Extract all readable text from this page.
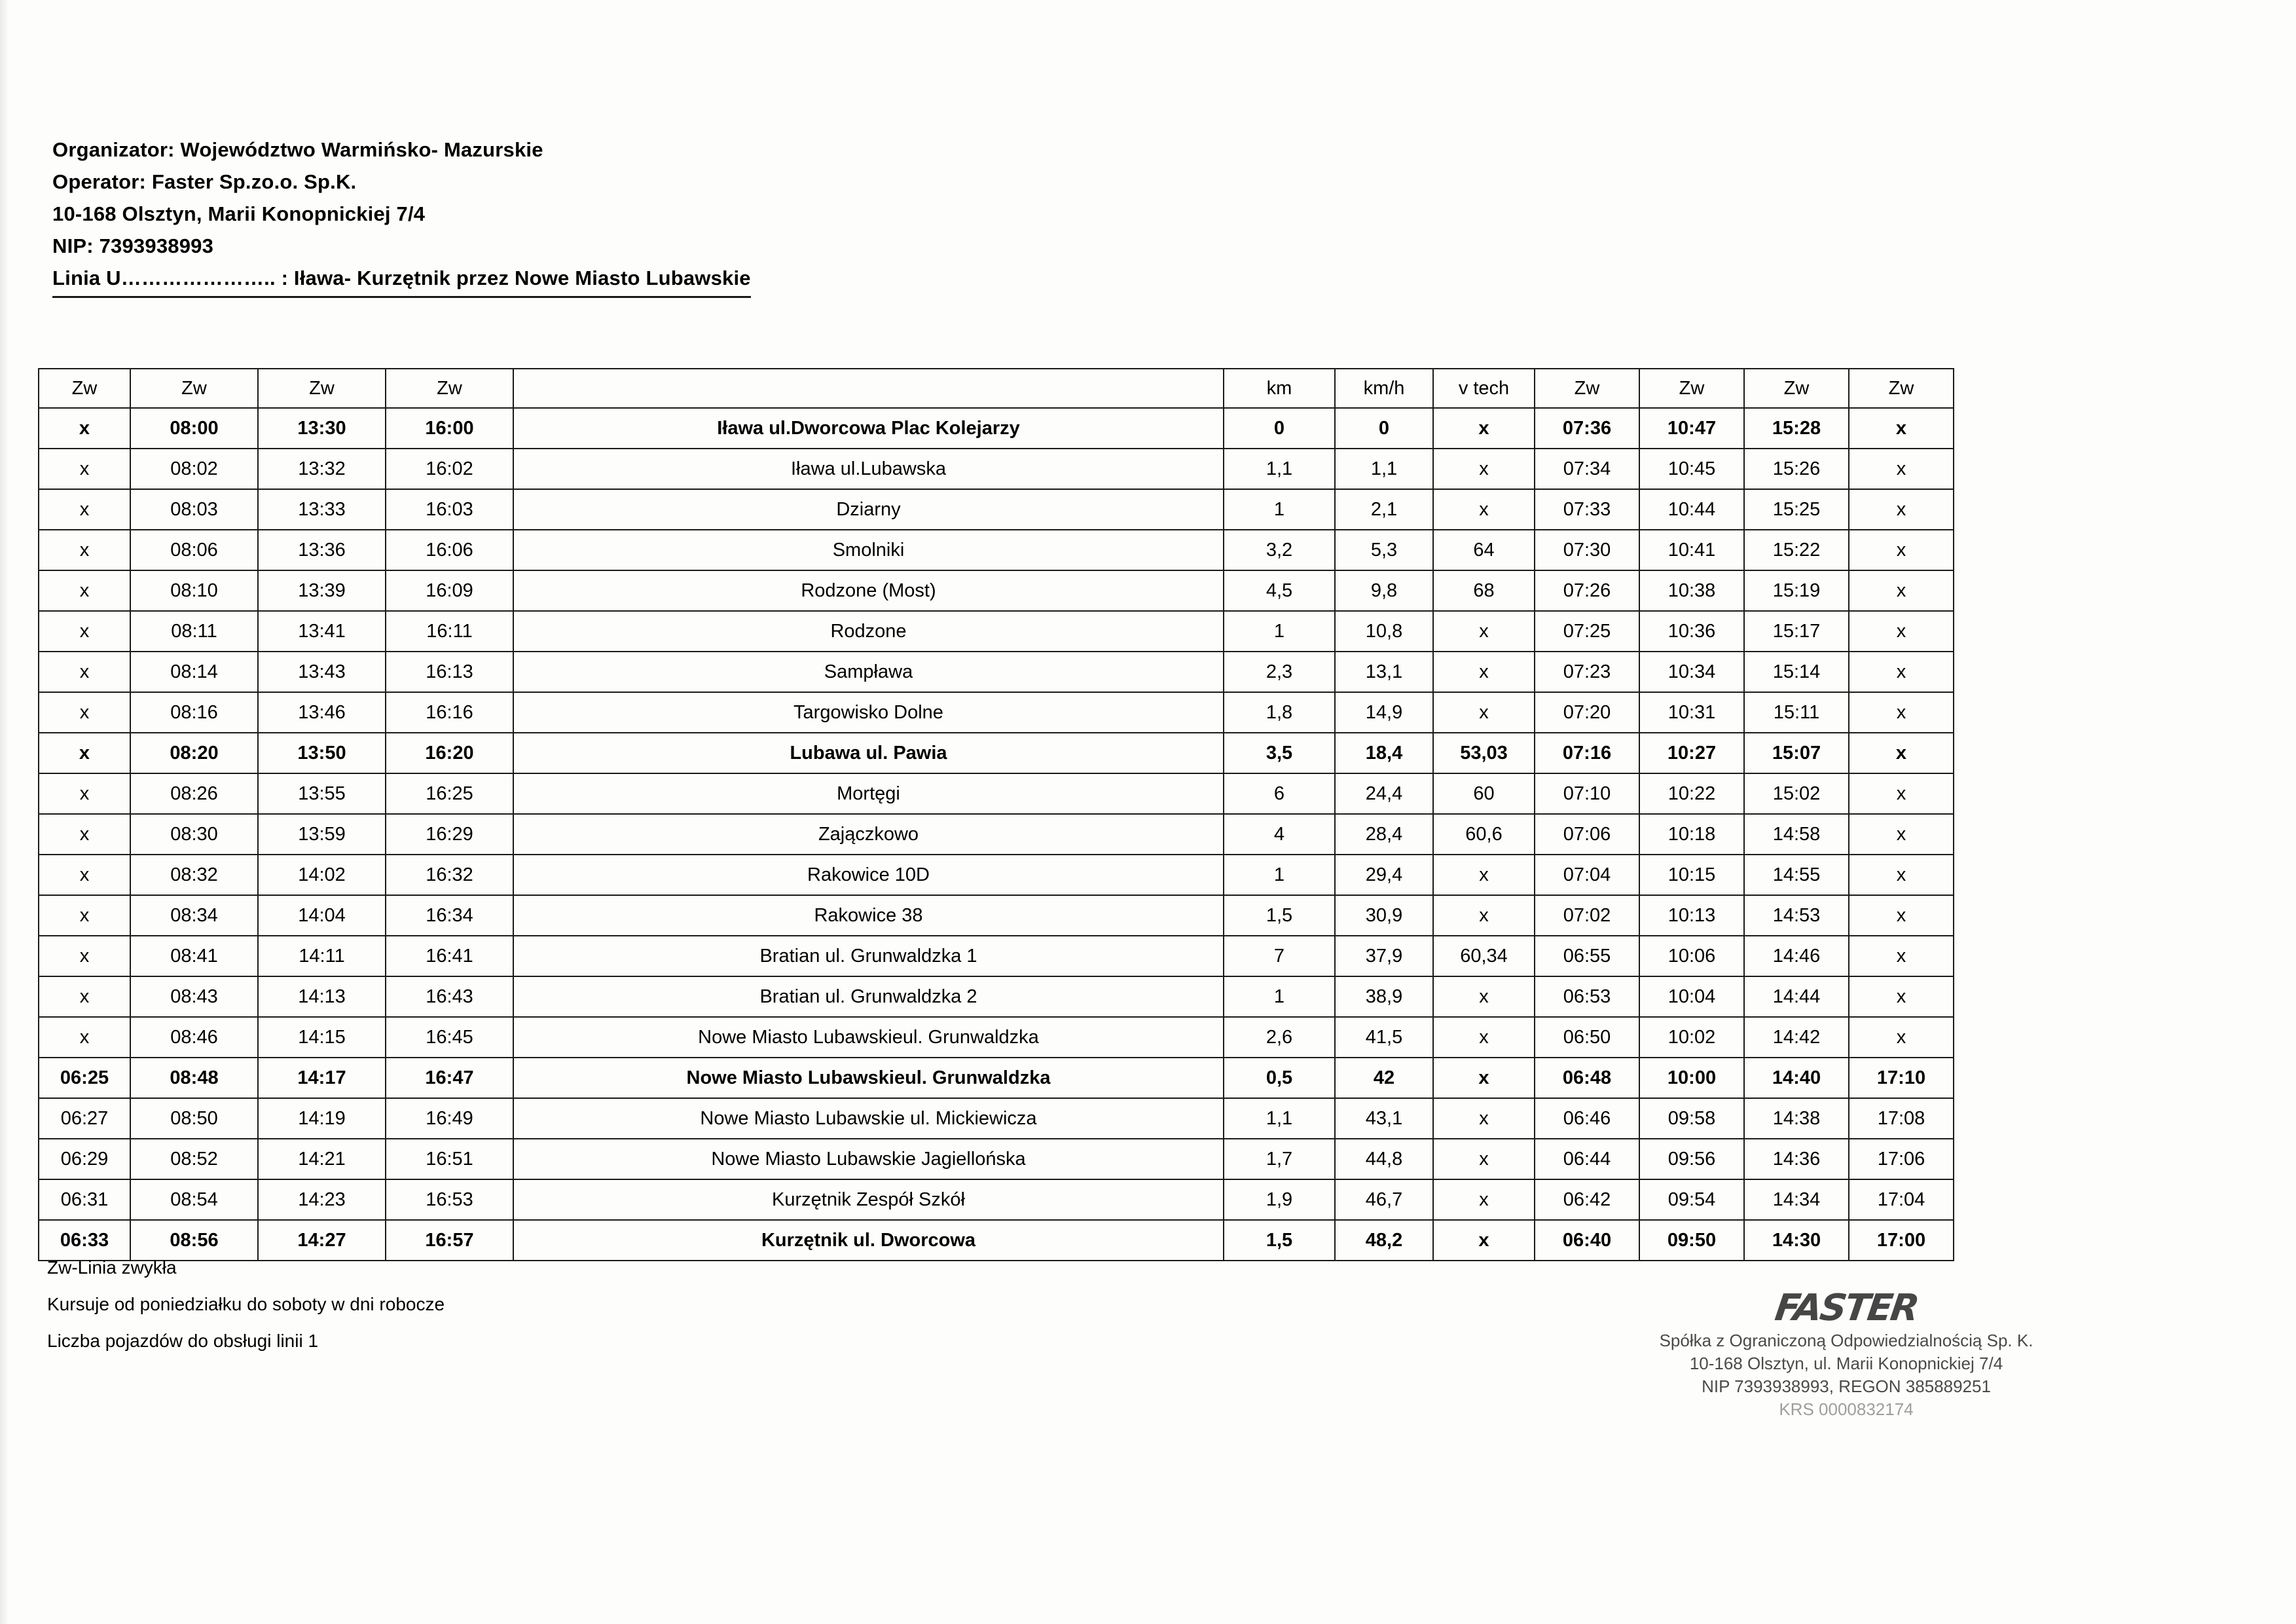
Organizator: Województwo Warmińsko- Mazurskie
Operator: Faster Sp.zo.o. Sp.K.
10-168 Olsztyn, Marii Konopnickiej 7/4
NIP: 7393938993
Linia U………………….. : Iława- Kurzętnik przez Nowe Miasto Lubawskie
Zw	Zw	Zw	Zw		km	km/h	v tech	Zw	Zw	Zw	Zw
x	08:00	13:30	16:00	Iława ul.Dworcowa Plac Kolejarzy	0	0	x	07:36	10:47	15:28	x
x	08:02	13:32	16:02	Iława ul.Lubawska	1,1	1,1	x	07:34	10:45	15:26	x
x	08:03	13:33	16:03	Dziarny	1	2,1	x	07:33	10:44	15:25	x
x	08:06	13:36	16:06	Smolniki	3,2	5,3	64	07:30	10:41	15:22	x
x	08:10	13:39	16:09	Rodzone (Most)	4,5	9,8	68	07:26	10:38	15:19	x
x	08:11	13:41	16:11	Rodzone	1	10,8	x	07:25	10:36	15:17	x
x	08:14	13:43	16:13	Sampława	2,3	13,1	x	07:23	10:34	15:14	x
x	08:16	13:46	16:16	Targowisko Dolne	1,8	14,9	x	07:20	10:31	15:11	x
x	08:20	13:50	16:20	Lubawa ul. Pawia	3,5	18,4	53,03	07:16	10:27	15:07	x
x	08:26	13:55	16:25	Mortęgi	6	24,4	60	07:10	10:22	15:02	x
x	08:30	13:59	16:29	Zajączkowo	4	28,4	60,6	07:06	10:18	14:58	x
x	08:32	14:02	16:32	Rakowice 10D	1	29,4	x	07:04	10:15	14:55	x
x	08:34	14:04	16:34	Rakowice 38	1,5	30,9	x	07:02	10:13	14:53	x
x	08:41	14:11	16:41	Bratian ul. Grunwaldzka 1	7	37,9	60,34	06:55	10:06	14:46	x
x	08:43	14:13	16:43	Bratian ul. Grunwaldzka 2	1	38,9	x	06:53	10:04	14:44	x
x	08:46	14:15	16:45	Nowe Miasto Lubawskieul. Grunwaldzka	2,6	41,5	x	06:50	10:02	14:42	x
06:25	08:48	14:17	16:47	Nowe Miasto Lubawskieul. Grunwaldzka	0,5	42	x	06:48	10:00	14:40	17:10
06:27	08:50	14:19	16:49	Nowe Miasto Lubawskie ul. Mickiewicza	1,1	43,1	x	06:46	09:58	14:38	17:08
06:29	08:52	14:21	16:51	Nowe Miasto Lubawskie Jagiellońska	1,7	44,8	x	06:44	09:56	14:36	17:06
06:31	08:54	14:23	16:53	Kurzętnik Zespół Szkół	1,9	46,7	x	06:42	09:54	14:34	17:04
06:33	08:56	14:27	16:57	Kurzętnik ul. Dworcowa	1,5	48,2	x	06:40	09:50	14:30	17:00
Zw-Linia zwykła
Kursuje od poniedziałku do soboty w dni robocze
Liczba pojazdów do obsługi linii 1
FASTER
Spółka z Ograniczoną Odpowiedzialnością Sp. K.
10-168 Olsztyn, ul. Marii Konopnickiej 7/4
NIP 7393938993, REGON 385889251
KRS 0000832174
